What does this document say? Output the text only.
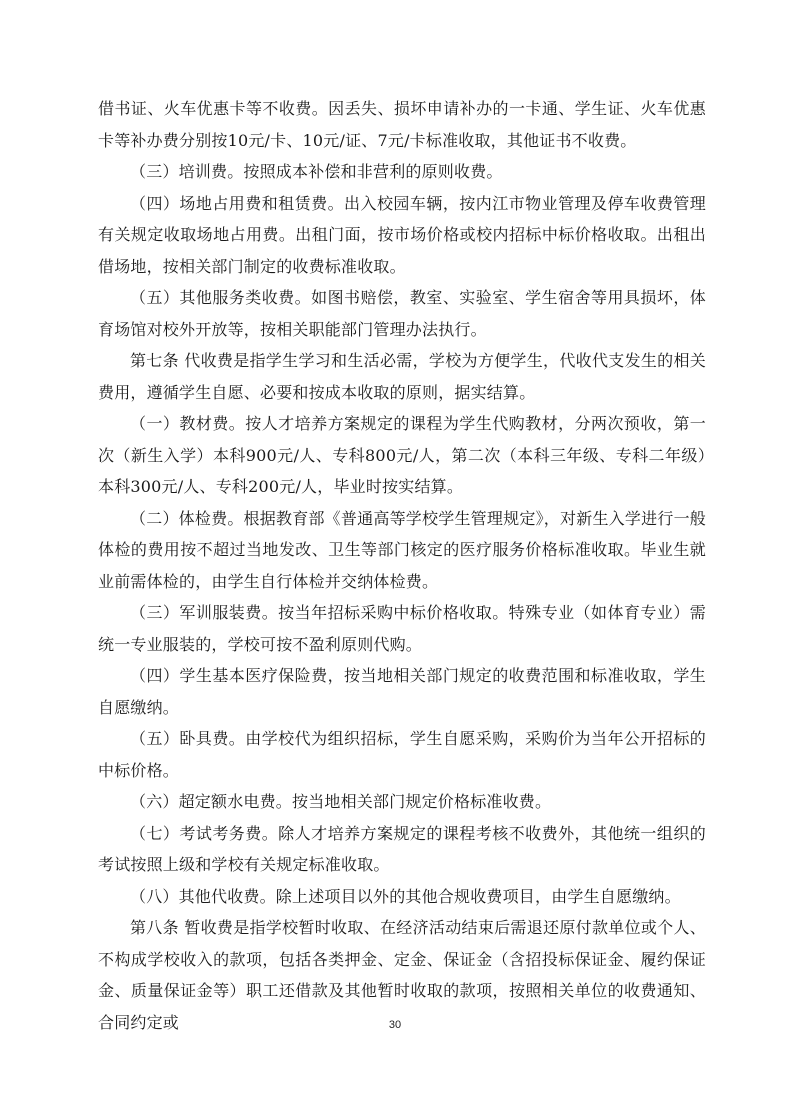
借书证、火车优惠卡等不收费。因丢失、损坏申请补办的一卡通、学生证、火车优惠卡等补办费分别按10元/卡、10元/证、7元/卡标准收取，其他证书不收费。

（三）培训费。按照成本补偿和非营利的原则收费。

（四）场地占用费和租赁费。出入校园车辆，按内江市物业管理及停车收费管理有关规定收取场地占用费。出租门面，按市场价格或校内招标中标价格收取。出租出借场地，按相关部门制定的收费标准收取。

（五）其他服务类收费。如图书赔偿，教室、实验室、学生宿舍等用具损坏，体育场馆对校外开放等，按相关职能部门管理办法执行。

第七条 代收费是指学生学习和生活必需，学校为方便学生，代收代支发生的相关费用，遵循学生自愿、必要和按成本收取的原则，据实结算。

（一）教材费。按人才培养方案规定的课程为学生代购教材，分两次预收，第一次（新生入学）本科900元/人、专科800元/人，第二次（本科三年级、专科二年级）本科300元/人、专科200元/人，毕业时按实结算。

（二）体检费。根据教育部《普通高等学校学生管理规定》，对新生入学进行一般体检的费用按不超过当地发改、卫生等部门核定的医疗服务价格标准收取。毕业生就业前需体检的，由学生自行体检并交纳体检费。

（三）军训服装费。按当年招标采购中标价格收取。特殊专业（如体育专业）需统一专业服装的，学校可按不盈利原则代购。

（四）学生基本医疗保险费，按当地相关部门规定的收费范围和标准收取，学生自愿缴纳。

（五）卧具费。由学校代为组织招标，学生自愿采购，采购价为当年公开招标的中标价格。

（六）超定额水电费。按当地相关部门规定价格标准收费。

（七）考试考务费。除人才培养方案规定的课程考核不收费外，其他统一组织的考试按照上级和学校有关规定标准收取。

（八）其他代收费。除上述项目以外的其他合规收费项目，由学生自愿缴纳。

第八条 暂收费是指学校暂时收取、在经济活动结束后需退还原付款单位或个人、不构成学校收入的款项，包括各类押金、定金、保证金（含招投标保证金、履约保证金、质量保证金等）职工还借款及其他暂时收取的款项，按照相关单位的收费通知、合同约定或	30
